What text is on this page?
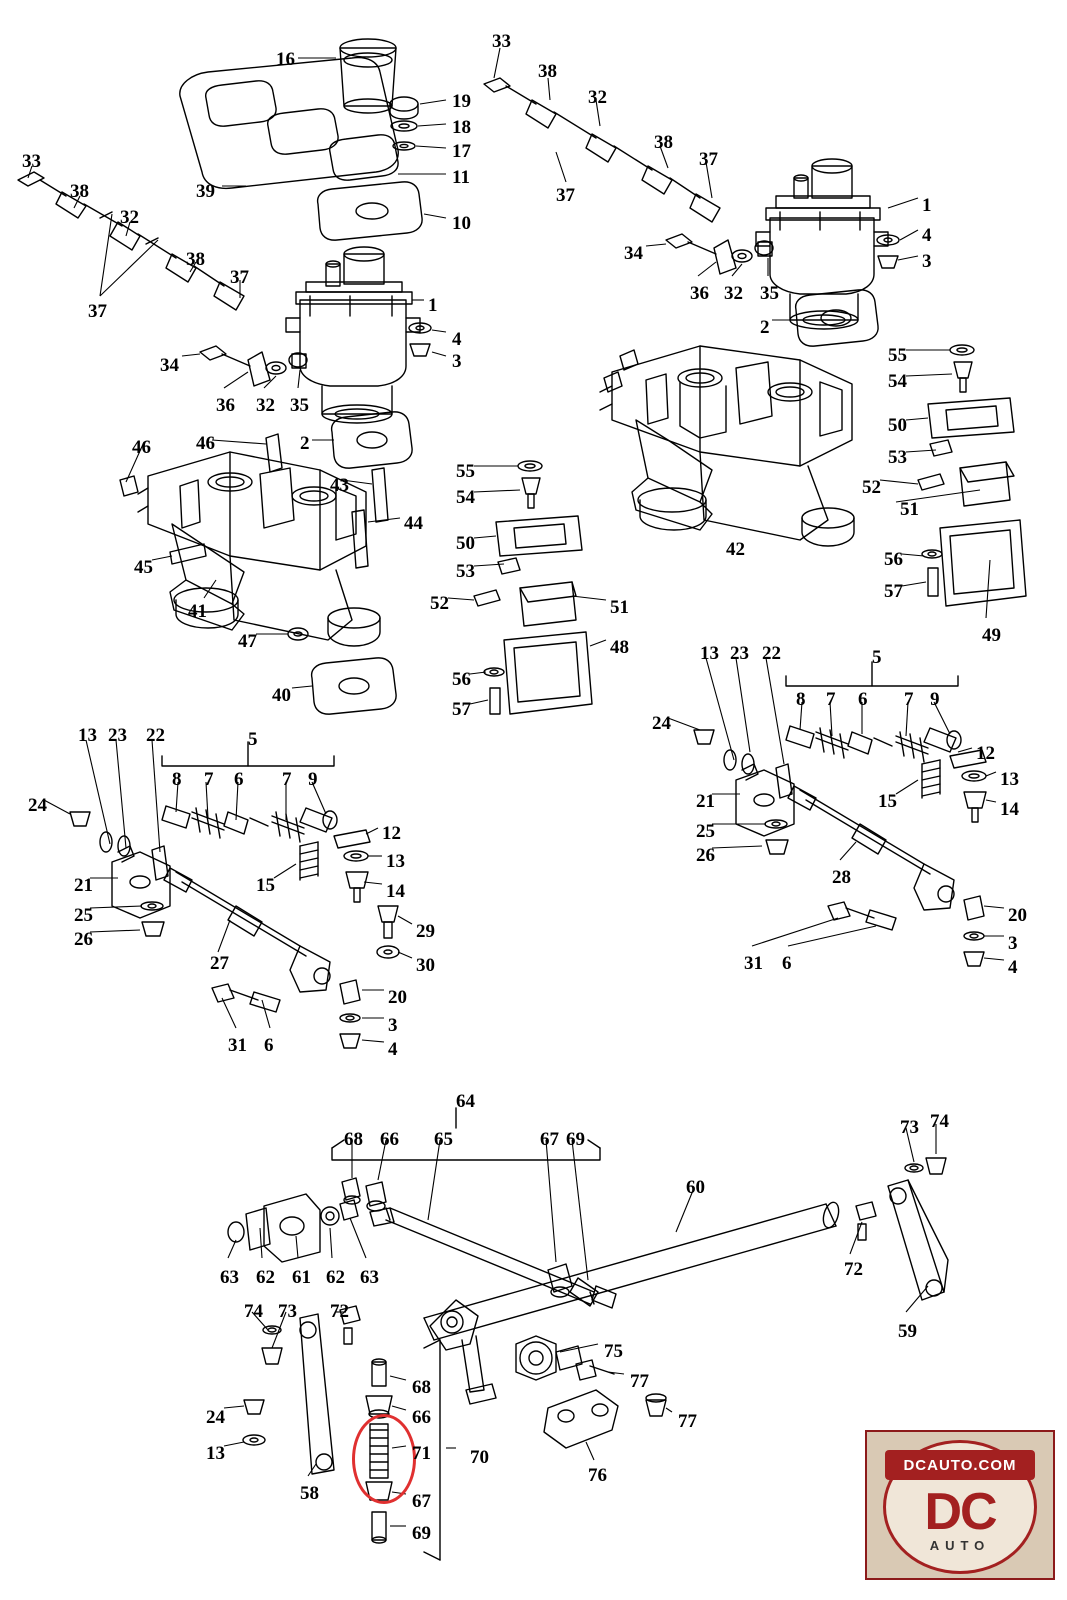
16
33
38
32
19
18
17
11
38
37
37	1
4
3
33
38
32
38
37
37
39
10
1
4
3
34
36 32 35
34
36 32 35
2
55
54
50
53
52
51
42	56
57
49
46 46	2
43
44
45
41
47
40
55
54
50
53
52	51
48
56
57
13 23 22	5
8 7 6 7 9
24
12
13
14
15
21
25
26
28
20
3
4
31 6
13 23 22	5
8 7 6 7 9
24
12
13
14
15
21
25
26
27
29
30
20
3
4
31 6
64
68 66 65	67 69
60
73 74
72
59
63 62 61 62 63
74 73 72
24
13
58
68
66
71 70
67
69
75
77
77
76	DCAUTO.COM
DC
AUTO
